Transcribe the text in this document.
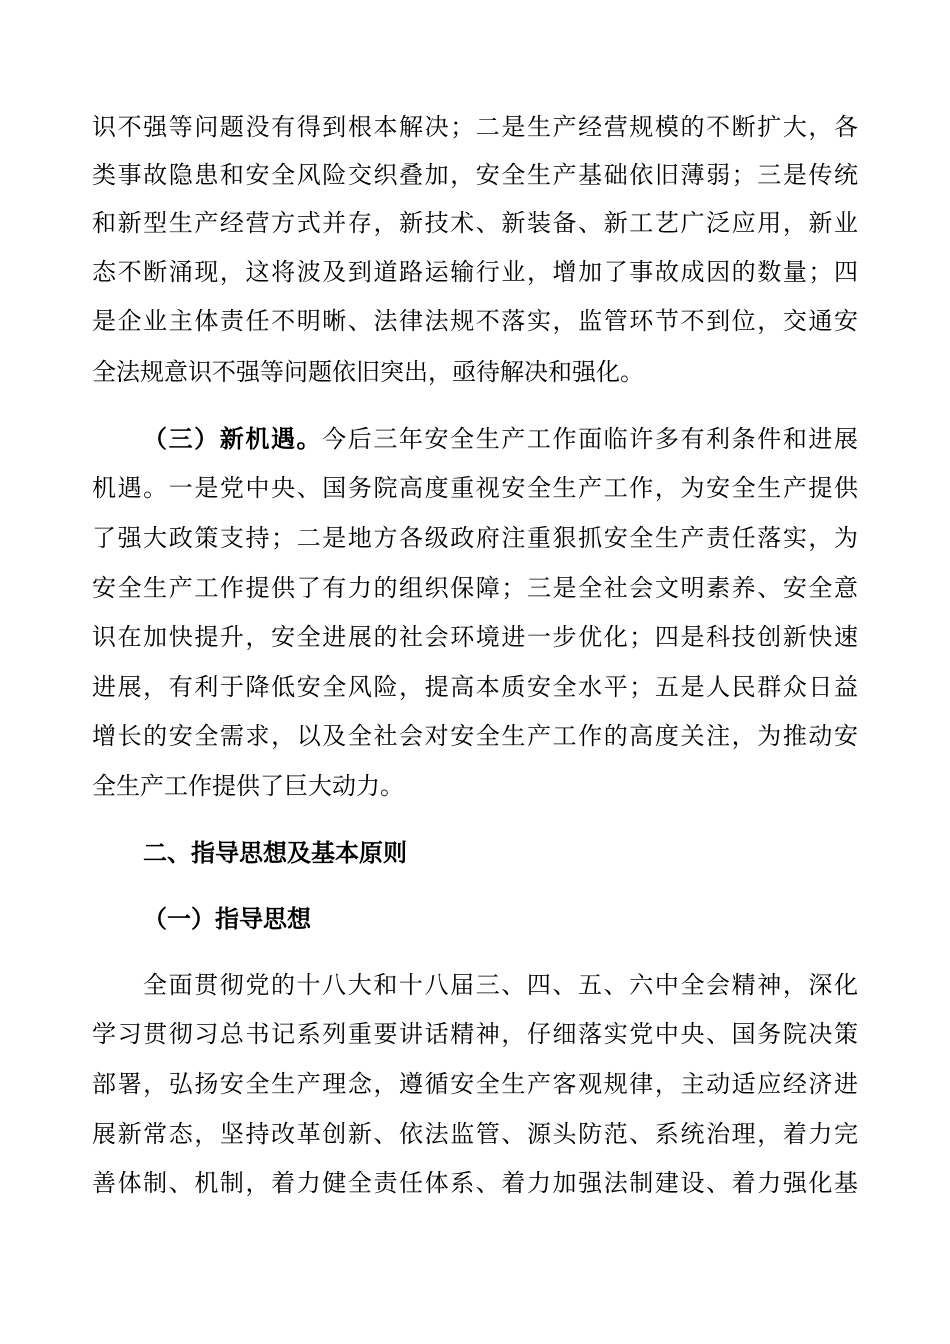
识不强等问题没有得到根本解决；二是生产经营规模的不断扩大，各
类事故隐患和安全风险交织叠加，安全生产基础依旧薄弱；三是传统
和新型生产经营方式并存，新技术、新装备、新工艺广泛应用，新业
态不断涌现，这将波及到道路运输行业，增加了事故成因的数量；四
是企业主体责任不明晰、法律法规不落实，监管环节不到位，交通安
全法规意识不强等问题依旧突出，亟待解决和强化。
（三）新机遇。今后三年安全生产工作面临许多有利条件和进展
机遇。一是党中央、国务院高度重视安全生产工作，为安全生产提供
了强大政策支持；二是地方各级政府注重狠抓安全生产责任落实，为
安全生产工作提供了有力的组织保障；三是全社会文明素养、安全意
识在加快提升，安全进展的社会环境进一步优化；四是科技创新快速
进展，有利于降低安全风险，提高本质安全水平；五是人民群众日益
增长的安全需求，以及全社会对安全生产工作的高度关注，为推动安
全生产工作提供了巨大动力。
二、指导思想及基本原则
（一）指导思想
全面贯彻党的十八大和十八届三、四、五、六中全会精神，深化
学习贯彻习总书记系列重要讲话精神，仔细落实党中央、国务院决策
部署，弘扬安全生产理念，遵循安全生产客观规律，主动适应经济进
展新常态，坚持改革创新、依法监管、源头防范、系统治理，着力完
善体制、机制，着力健全责任体系、着力加强法制建设、着力强化基
